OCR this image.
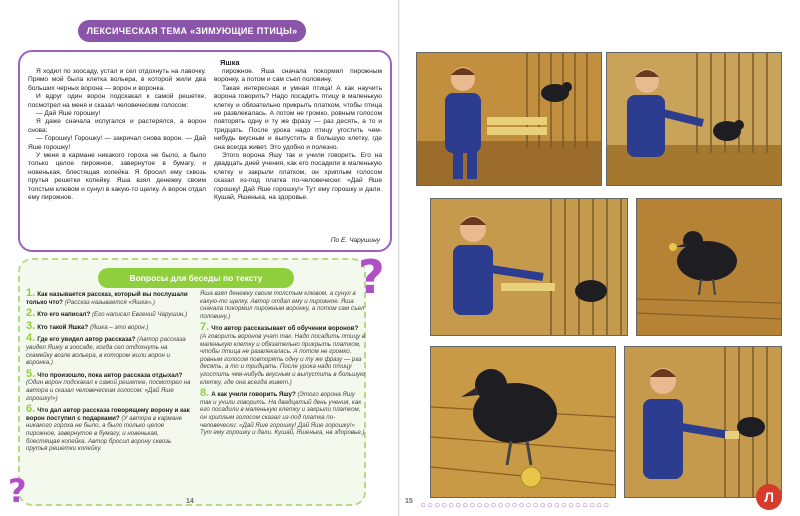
ЛЕКСИЧЕСКАЯ ТЕМА «ЗИМУЮЩИЕ ПТИЦЫ»
Яшка

Я ходил по зоосаду, устал и сел отдохнуть на лавочку. Прямо мой была клетка вольера, в которой жили два больших черных ворона — ворон и воронка.

И вдруг один ворон подскакал к самой решетке, посмотрел на меня и сказал человеческим голосом:

— Дай Яше горошку!

Я даже сначала испугался и растерялся, а ворон снова:

— Горошку! Горошку! — закричал снова ворон. — Дай Яше горошку!

У меня в кармане никакого гороха не было, а было только целое пирожное, завернутое в бумагу, и новенькая, блестящая копейка. Я бросил ему сквозь прутья решетки копейку. Яша взял денежку своим толстым клювом и сунул в какую-то щелку. А ворон отдал ему пирожное.

пирожное. Яша сначала покормил пирожным воронку, а потом и сам съел половину.

Такая интересная и умная птица! А как научить ворона говорить? Надо посадить птицу в маленькую клетку и обязательно прикрыть платком, чтобы птица не развлекалась. А потом не громко, ровным голосом повторять одну и ту же фразу — раз десять, а то и тридцать. После урока надо птицу угостить чем-нибудь вкусным и выпустить в большую клетку, где она всегда живет. Это удобно и полезно.

Этого ворона Яшу так и учили говорить. Его на двадцать дней учения, как его посадили в маленькую клетку и закрыли платком, он хриплым голосом сказал из-под платка по-человечески: «Дай Яше горошку! Дай Яше горошку!» Тут ему горошку и дали. Кушай, Яшенька, на здоровье.

По Е. Чарушину
Вопросы для беседы по тексту	?
?
1. Как называется рассказ, который вы послушали только что? (Рассказ называется «Яшка».)
2. Кто его написал? (Его написал Евгений Чарушин.)
3. Кто такой Яшка? (Яшка – это ворон.)
4. Где его увидел автор рассказа? (Автор рассказа увидел Яшку в зоосаде, когда сел отдохнуть на скамейку возле вольера, в котором жили ворон и воронка.)
5. Что произошло, пока автор рассказа отдыхал? (Один ворон подскакал к самой решетке, посмотрел на автора и сказал человеческим голосом: «Дай Яше горошку!»)
6. Что дал автор рассказа говорящему ворону и как ворон поступил с подарками? (У автора в кармане никакого гороха не было, а было только целое пирожное, завернутое в бумагу, и новенькая, блестящая копейка. Автор бросил ворону сквозь прутья решетки копейку.
Яша взял денежку своим толстым клювом, а сунул в какую-то щелку. Автор отдал ему и пирожное. Яша сначала покормил пирожным воронку, а потом сам съел половину.)
7. Что автор рассказывает об обучении воронов? (А говорить воронов учат так. Надо посадить птицу в маленькую клетку и обязательно прикрыть платком, чтобы птица не развлекалась. А потом не громко, ровным голосом повторять одну и ту же фразу — раз десять, а то и тридцать. После урока надо птицу угостить чем-нибудь вкусным и выпустить в большую клетку, где она всегда живет.)
8. А как учили говорить Яшу? (Этого ворона Яшу так и учили говорить. На двадцатый день учения, как его посадили в маленькую клетку и закрыли платком, он хриплым голосом сказал из-под платка по-человечески: «Дай Яше горошку! Дай Яше горошку!» Тут ему горошку и дали. Кушай, Яшенька, на здоровье.)
14	○○○○○○○○○○○○○○○○○○○○○○○○○○○
15	Л
